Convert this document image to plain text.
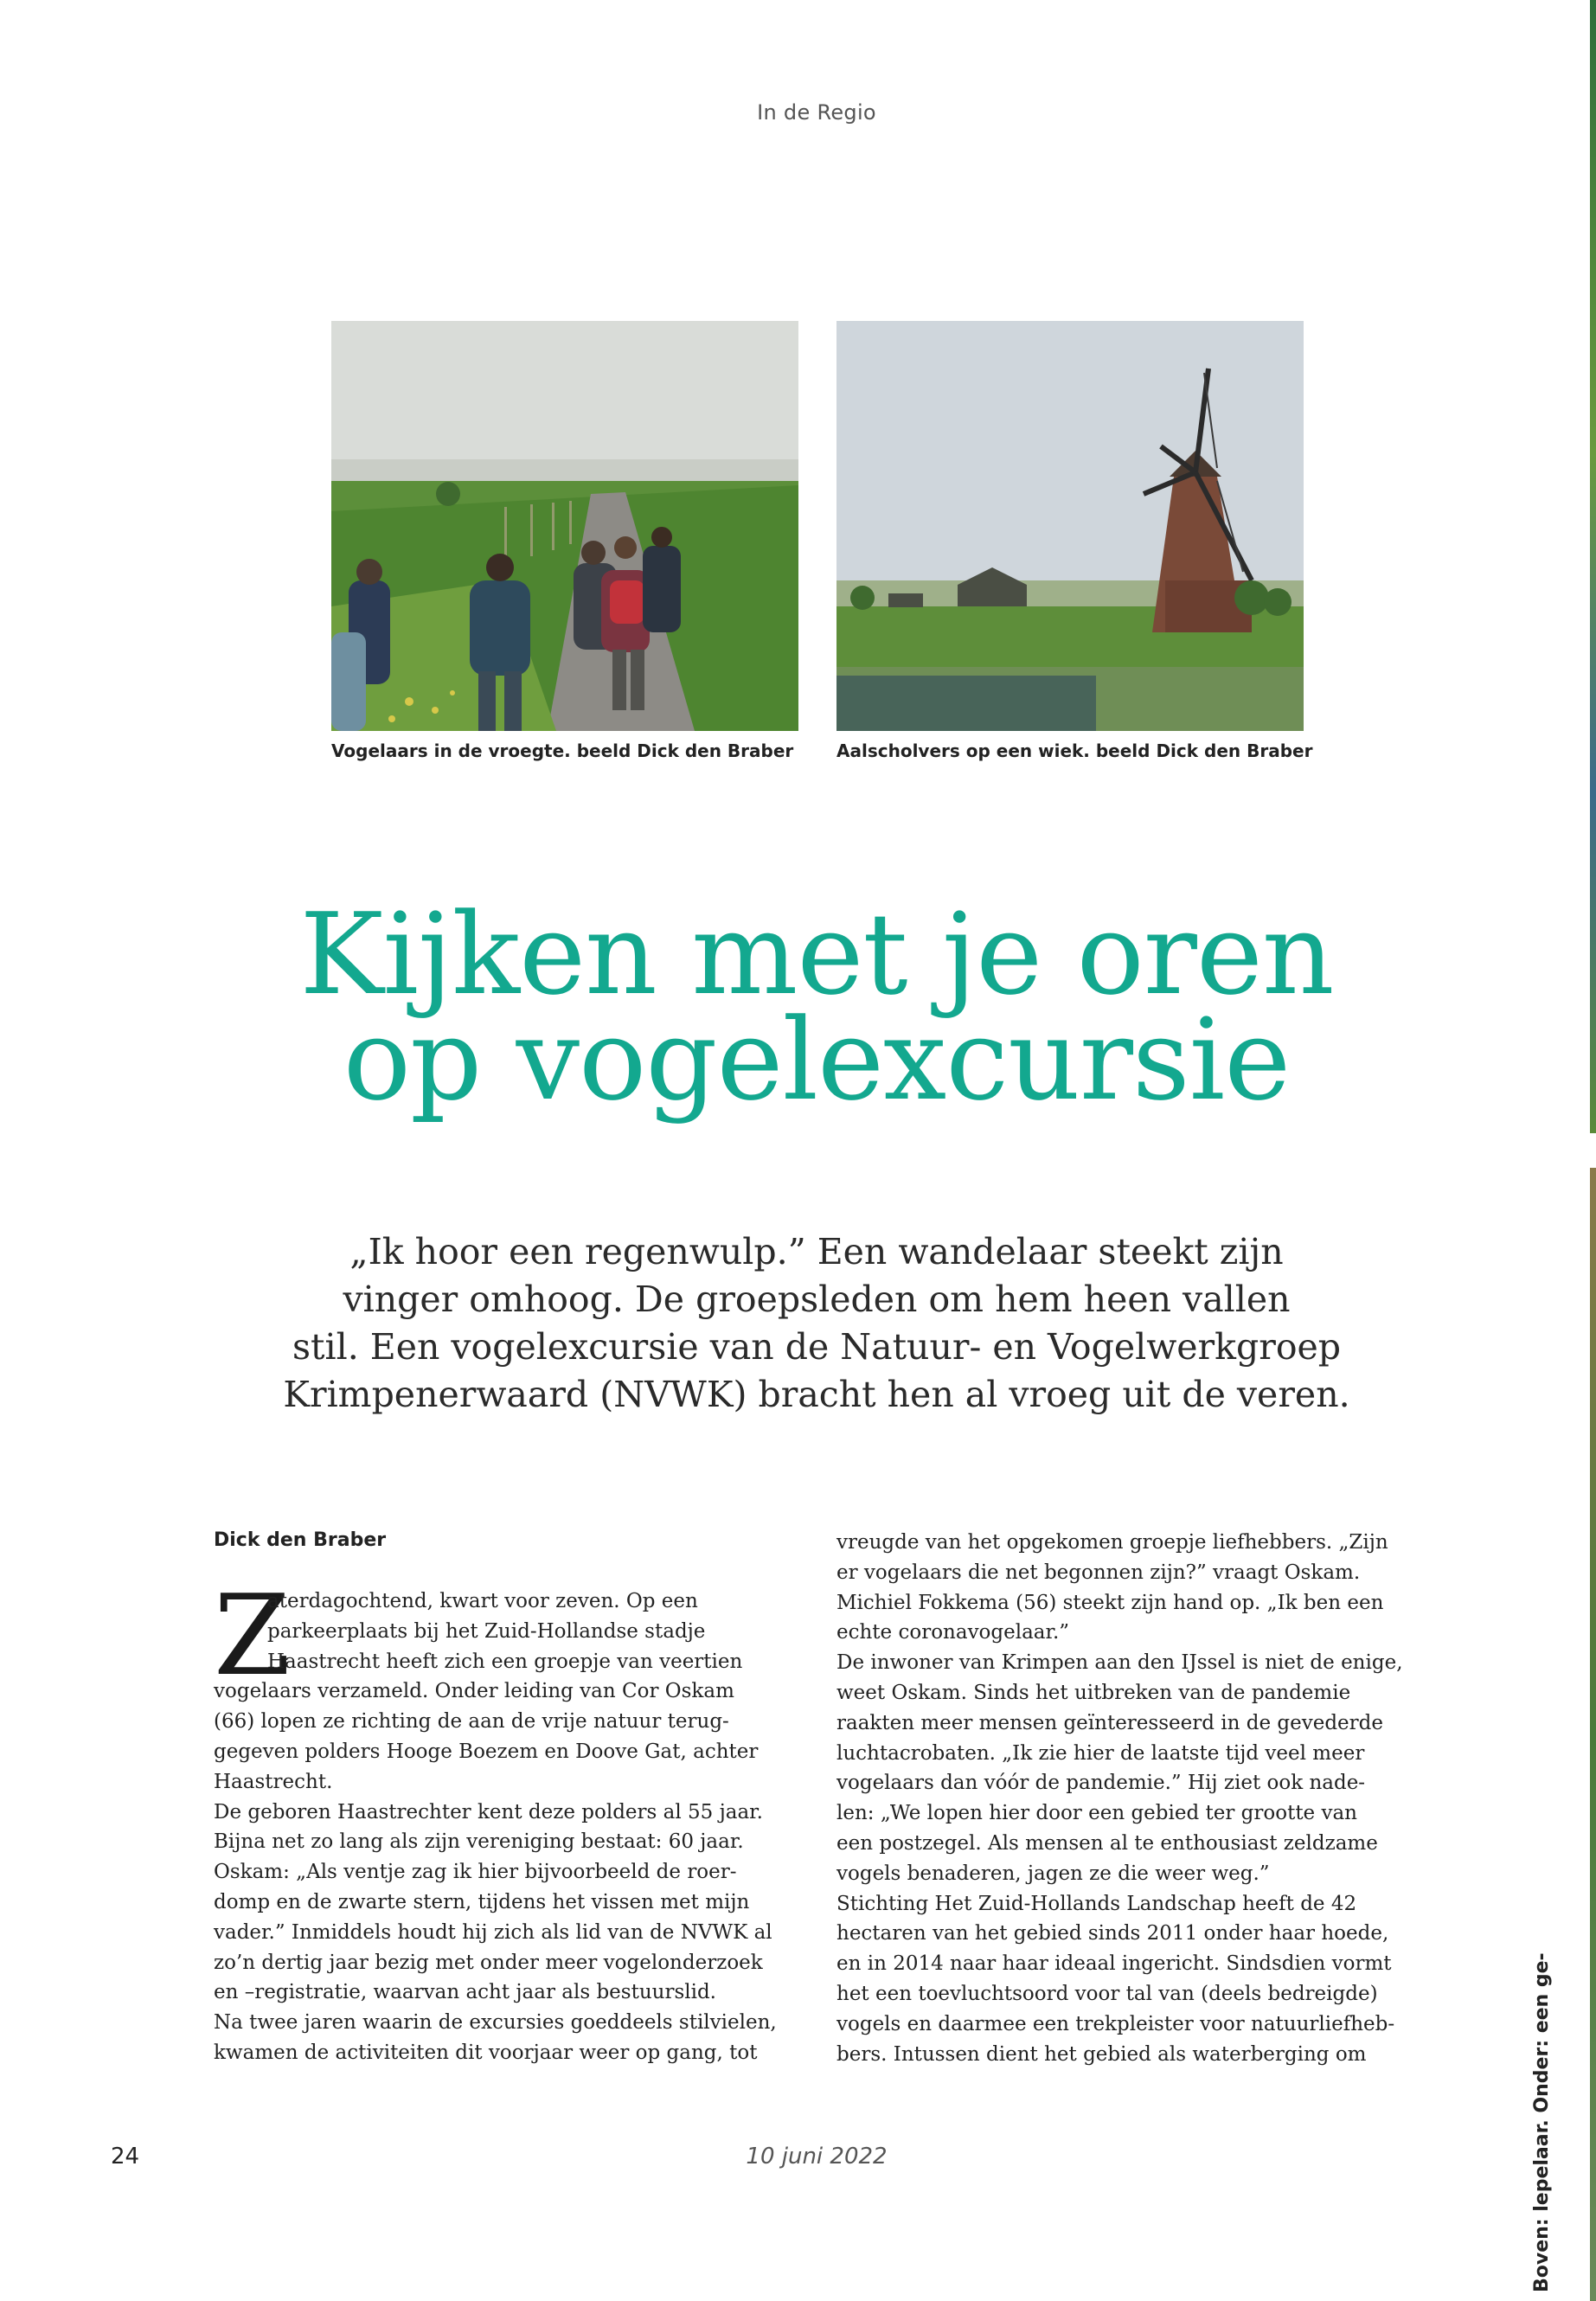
In de Regio
Vogelaars in de vroegte. beeld Dick den Braber Aalscholvers op een wiek. beeld Dick den Braber
Kijken met je oren
op vogelexcursie
„Ik hoor een regenwulp.” Een wandelaar steekt zijn
vinger omhoog. De groepsleden om hem heen vallen
stil. Een vogelexcursie van de Natuur- en Vogelwerkgroep
Krimpenerwaard (NVWK) bracht hen al vroeg uit de veren.
Dick den Braber
Z
aterdagochtend, kwart voor zeven. Op een
parkeerplaats bij het Zuid-Hollandse stadje
Haastrecht heeft zich een groepje van veertien
vogelaars verzameld. Onder leiding van Cor Oskam
(66) lopen ze richting de aan de vrije natuur terug-
gegeven polders Hooge Boezem en Doove Gat, achter
Haastrecht.
De geboren Haastrechter kent deze polders al 55 jaar.
Bijna net zo lang als zijn vereniging bestaat: 60 jaar.
Oskam: „Als ventje zag ik hier bijvoorbeeld de roer-
domp en de zwarte stern, tijdens het vissen met mijn
vader.” Inmiddels houdt hij zich als lid van de NVWK al
zo’n dertig jaar bezig met onder meer vogelonderzoek
en –registratie, waarvan acht jaar als bestuurslid.
Na twee jaren waarin de excursies goeddeels stilvielen,
kwamen de activiteiten dit voorjaar weer op gang, tot
vreugde van het opgekomen groepje liefhebbers. „Zijn
er vogelaars die net begonnen zijn?” vraagt Oskam.
Michiel Fokkema (56) steekt zijn hand op. „Ik ben een
echte coronavogelaar.”
De inwoner van Krimpen aan den IJssel is niet de enige,
weet Oskam. Sinds het uitbreken van de pandemie
raakten meer mensen geïnteresseerd in de gevederde
luchtacrobaten. „Ik zie hier de laatste tijd veel meer
vogelaars dan vóór de pandemie.” Hij ziet ook nade-
len: „We lopen hier door een gebied ter grootte van
een postzegel. Als mensen al te enthousiast zeldzame
vogels benaderen, jagen ze die weer weg.”
Stichting Het Zuid-Hollands Landschap heeft de 42
hectaren van het gebied sinds 2011 onder haar hoede,
en in 2014 naar haar ideaal ingericht. Sindsdien vormt
het een toevluchtsoord voor tal van (deels bedreigde)
vogels en daarmee een trekpleister voor natuurliefheb-
bers. Intussen dient het gebied als waterberging om
24	10 juni 2022	Boven: lepelaar. Onder: een ge-
